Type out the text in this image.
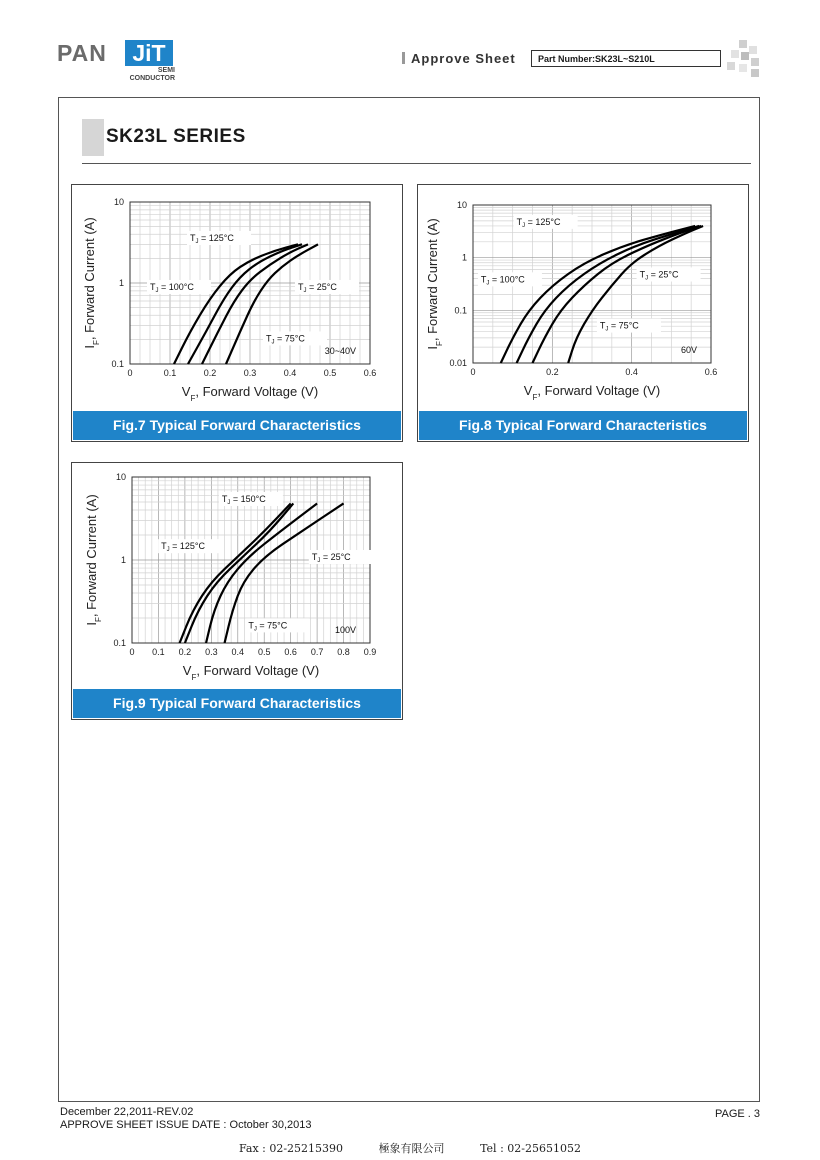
PAN	JiT
SEMI
CONDUCTOR
Approve Sheet	Part Number:SK23L~S210L
SK23L SERIES
0	0.1	0.2	0.3	0.4	0.5	0.6
0.1
1
10
$V_F$, Forward Voltage (V)
$I_F$, Forward Current (A)	$T_J = 125^\circ C$
$T_J = 100^\circ C$
$T_J = 75^\circ C$
$T_J = 25^\circ C$
30~40V
Fig.7 Typical Forward Characteristics
0	0.2	0.4	0.6
0.01
0.1
1
10
$V_F$, Forward Voltage (V)
$I_F$, Forward Current (A)	$T_J = 125^\circ C$
$T_J = 100^\circ C$
$T_J = 75^\circ C$
$T_J = 25^\circ C$
60V
Fig.8 Typical Forward Characteristics
0 0.1 0.2 0.3 0.4 0.5 0.6 0.7 0.8 0.9
0.1
1
10
$V_F$, Forward Voltage (V)
$I_F$, Forward Current (A)	$T_J = 150^\circ C$
$T_J = 125^\circ C$
$T_J = 75^\circ C$
$T_J = 25^\circ C$
100V
Fig.9 Typical Forward Characteristics
December 22,2011-REV.02
APPROVE SHEET ISSUE DATE : October 30,2013
PAGE . 3
Fax : 02-25215390	極象有限公司	Tel : 02-25651052
